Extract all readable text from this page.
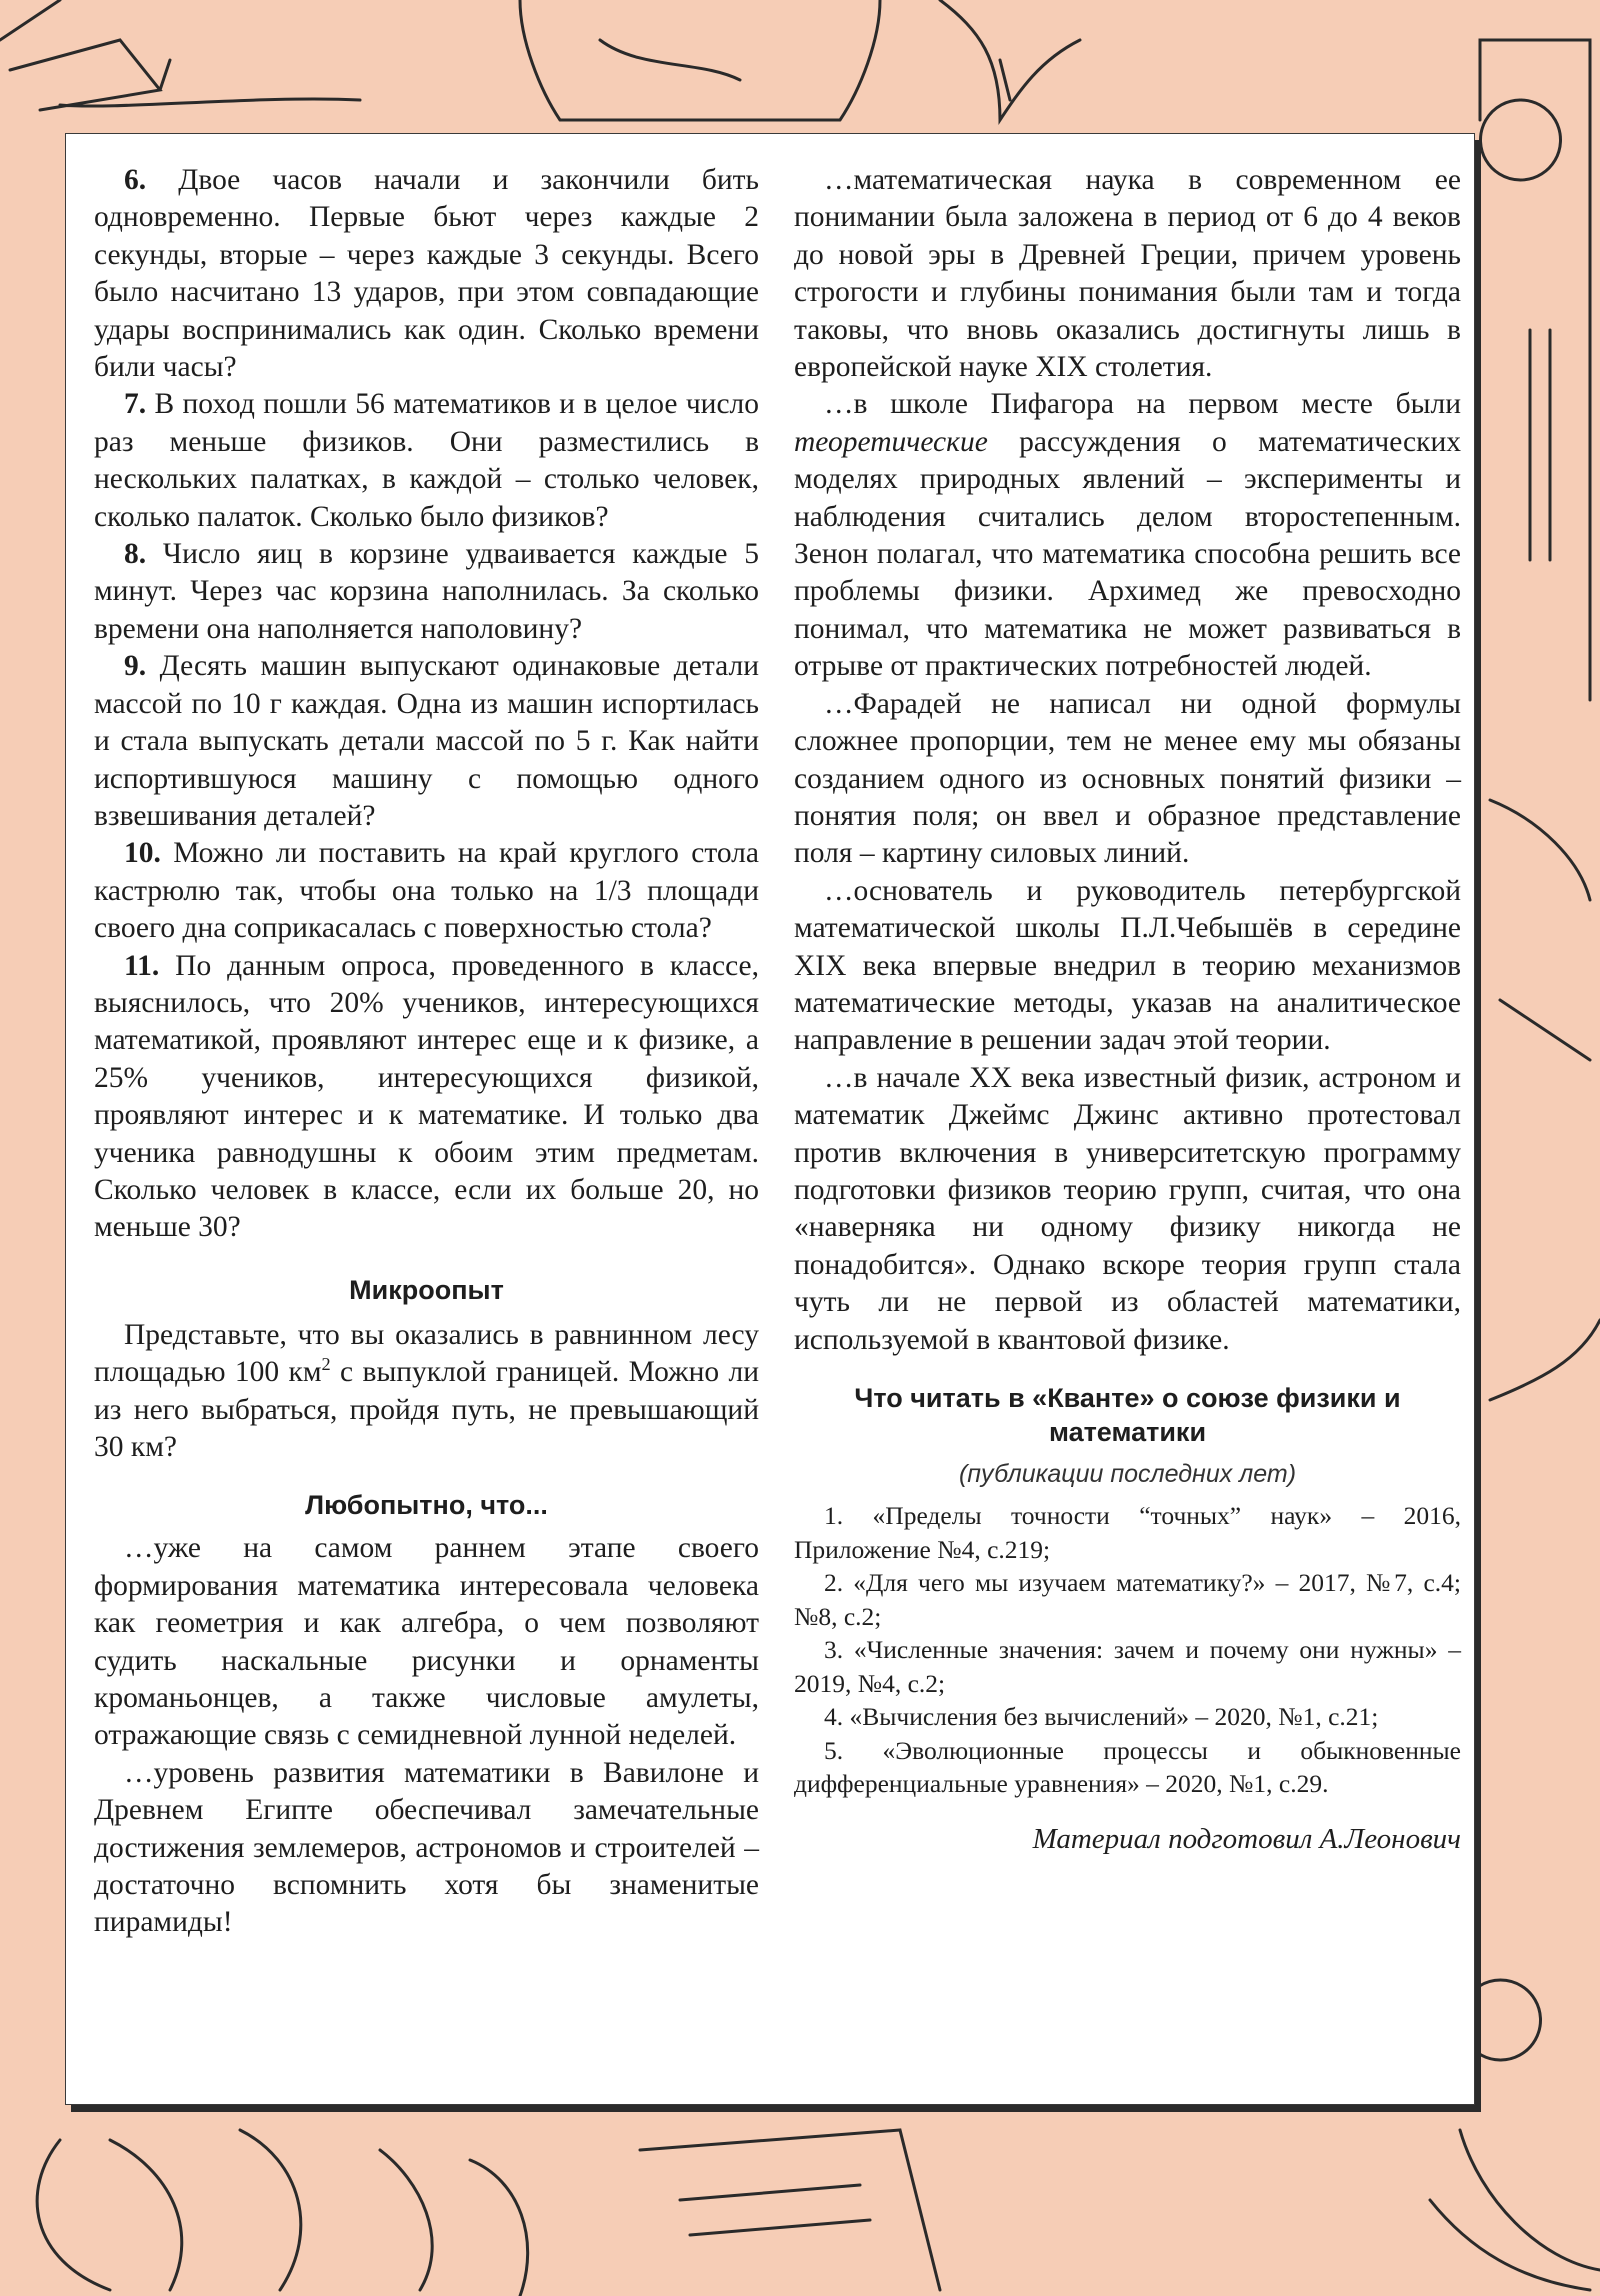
6. Двое часов начали и закончили бить одновременно. Первые бьют через каждые 2 секунды, вторые – через каждые 3 секунды. Всего было насчитано 13 ударов, при этом совпадающие удары воспринимались как один. Сколько времени били часы?

7. В поход пошли 56 математиков и в целое число раз меньше физиков. Они разместились в нескольких палатках, в каждой – столько человек, сколько палаток. Сколько было физиков?

8. Число яиц в корзине удваивается каждые 5 минут. Через час корзина наполнилась. За сколько времени она наполняется наполовину?

9. Десять машин выпускают одинаковые детали массой по 10 г каждая. Одна из машин испортилась и стала выпускать детали массой по 5 г. Как найти испортившуюся машину с помощью одного взвешивания деталей?

10. Можно ли поставить на край круглого стола кастрюлю так, чтобы она только на 1/3 площади своего дна соприкасалась с поверхностью стола?

11. По данным опроса, проведенного в классе, выяснилось, что 20% учеников, интересующихся математикой, проявляют интерес еще и к физике, а 25% учеников, интересующихся физикой, проявляют интерес и к математике. И только два ученика равнодушны к обоим этим предметам. Сколько человек в классе, если их больше 20, но меньше 30?

Микроопыт

Представьте, что вы оказались в равнинном лесу площадью 100 $км^2$ с выпуклой границей. Можно ли из него выбраться, пройдя путь, не превышающий 30 км?

Любопытно, что...

…уже на самом раннем этапе своего формирования математика интересовала человека как геометрия и как алгебра, о чем позволяют судить наскальные рисунки и орнаменты кроманьонцев, а также числовые амулеты, отражающие связь с семидневной лунной неделей.

…уровень развития математики в Вавилоне и Древнем Египте обеспечивал замечательные достижения землемеров, астрономов и строителей – достаточно вспомнить хотя бы знаменитые пирамиды!

…математическая наука в современном ее понимании была заложена в период от 6 до 4 веков до новой эры в Древней Греции, причем уровень строгости и глубины понимания были там и тогда таковы, что вновь оказались достигнуты лишь в европейской науке XIX столетия.

…в школе Пифагора на первом месте были теоретические рассуждения о математических моделях природных явлений – эксперименты и наблюдения считались делом второстепенным. Зенон полагал, что математика способна решить все проблемы физики. Архимед же превосходно понимал, что математика не может развиваться в отрыве от практических потребностей людей.

…Фарадей не написал ни одной формулы сложнее пропорции, тем не менее ему мы обязаны созданием одного из основных понятий физики – понятия поля; он ввел и образное представление поля – картину силовых линий.

…основатель и руководитель петербургской математической школы П.Л.Чебышёв в середине XIX века впервые внедрил в теорию механизмов математические методы, указав на аналитическое направление в решении задач этой теории.

…в начале XX века известный физик, астроном и математик Джеймс Джинс активно протестовал против включения в университетскую программу подготовки физиков теорию групп, считая, что она «наверняка ни одному физику никогда не понадобится». Однако вскоре теория групп стала чуть ли не первой из областей математики, используемой в квантовой физике.

Что читать в «Кванте» о союзе физики и математики

(публикации последних лет)

1. «Пределы точности “точных” наук» – 2016, Приложение №4, с.219;

2. «Для чего мы изучаем математику?» – 2017, №7, с.4; №8, с.2;

3. «Численные значения: зачем и почему они нужны» – 2019, №4, с.2;

4. «Вычисления без вычислений» – 2020, №1, с.21;

5. «Эволюционные процессы и обыкновенные дифференциальные уравнения» – 2020, №1, с.29.

Материал подготовил А.Леонович
